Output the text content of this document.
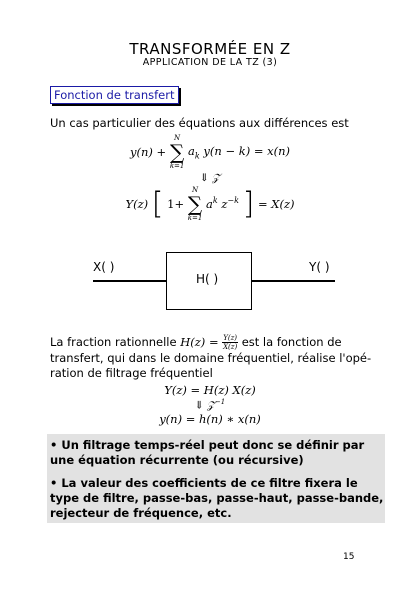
TRANSFORMÉE EN Z
APPLICATION DE LA TZ (3)
Fonction de transfert
Un cas particulier des équations aux différences est
y(n) +
N
∑
k=1
$a_k$ y(n − k) = x(n)
⇓ 𝒵
Y(z) [ 1+
N
∑
k=1
$a^k$ $z^{-k}$ ] = X(z)
X( )
H( )
Y( )
La fraction rationnelle $H(z) = \frac{Y(z)}{X(z)}$ est la fonction de
transfert, qui dans le domaine fréquentiel, réalise l'opé-
ration de filtrage fréquentiel
Y(z) = H(z) X(z)
⇓ 𝒵$^{-1}$
y(n) = h(n) ∗ x(n)
• Un filtrage temps-réel peut donc se définir par
une équation récurrente (ou récursive)
• La valeur des coefficients de ce filtre fixera le
type de filtre, passe-bas, passe-haut, passe-bande,
rejecteur de fréquence, etc.
15
